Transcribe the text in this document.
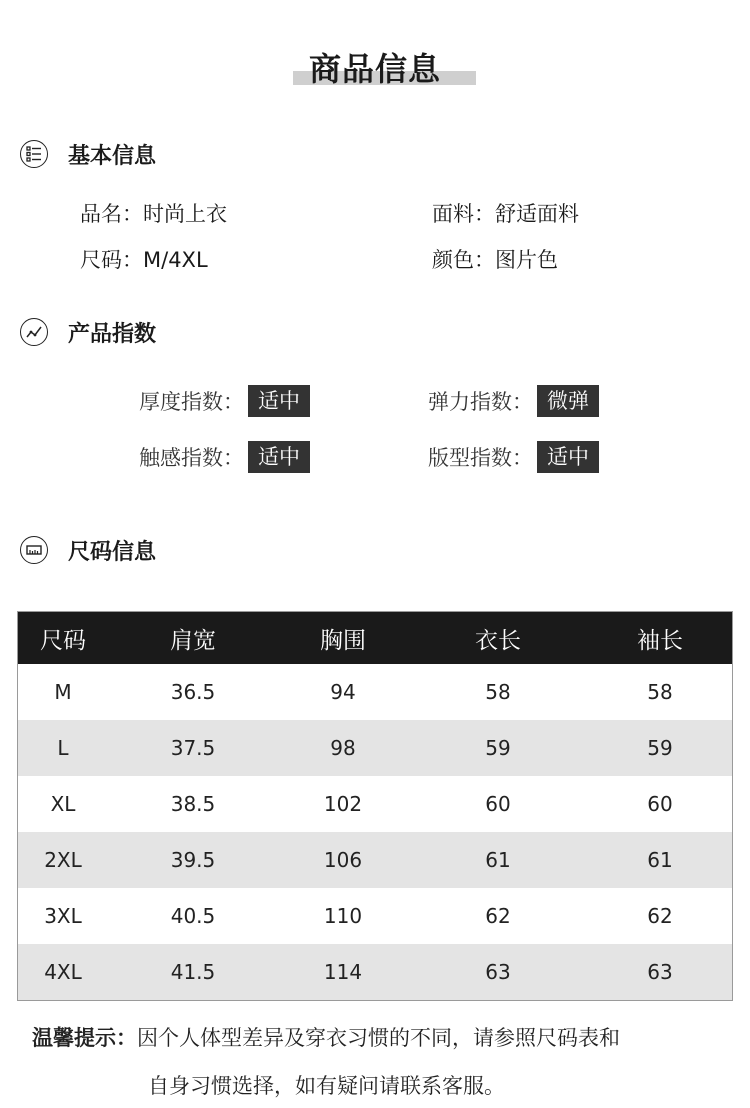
商品信息
基本信息
品名：时尚上衣	面料：舒适面料
尺码：M/4XL	颜色：图片色
产品指数
厚度指数： 适中	弹力指数： 微弹
触感指数： 适中	版型指数： 适中
尺码信息
尺码	肩宽	胸围	衣长	袖长
M	36.5	94	58	58
L	37.5	98	59	59
XL	38.5	102	60	60
2XL	39.5	106	61	61
3XL	40.5	110	62	62
4XL	41.5	114	63	63
温馨提示：因个人体型差异及穿衣习惯的不同，请参照尺码表和
自身习惯选择，如有疑问请联系客服。
